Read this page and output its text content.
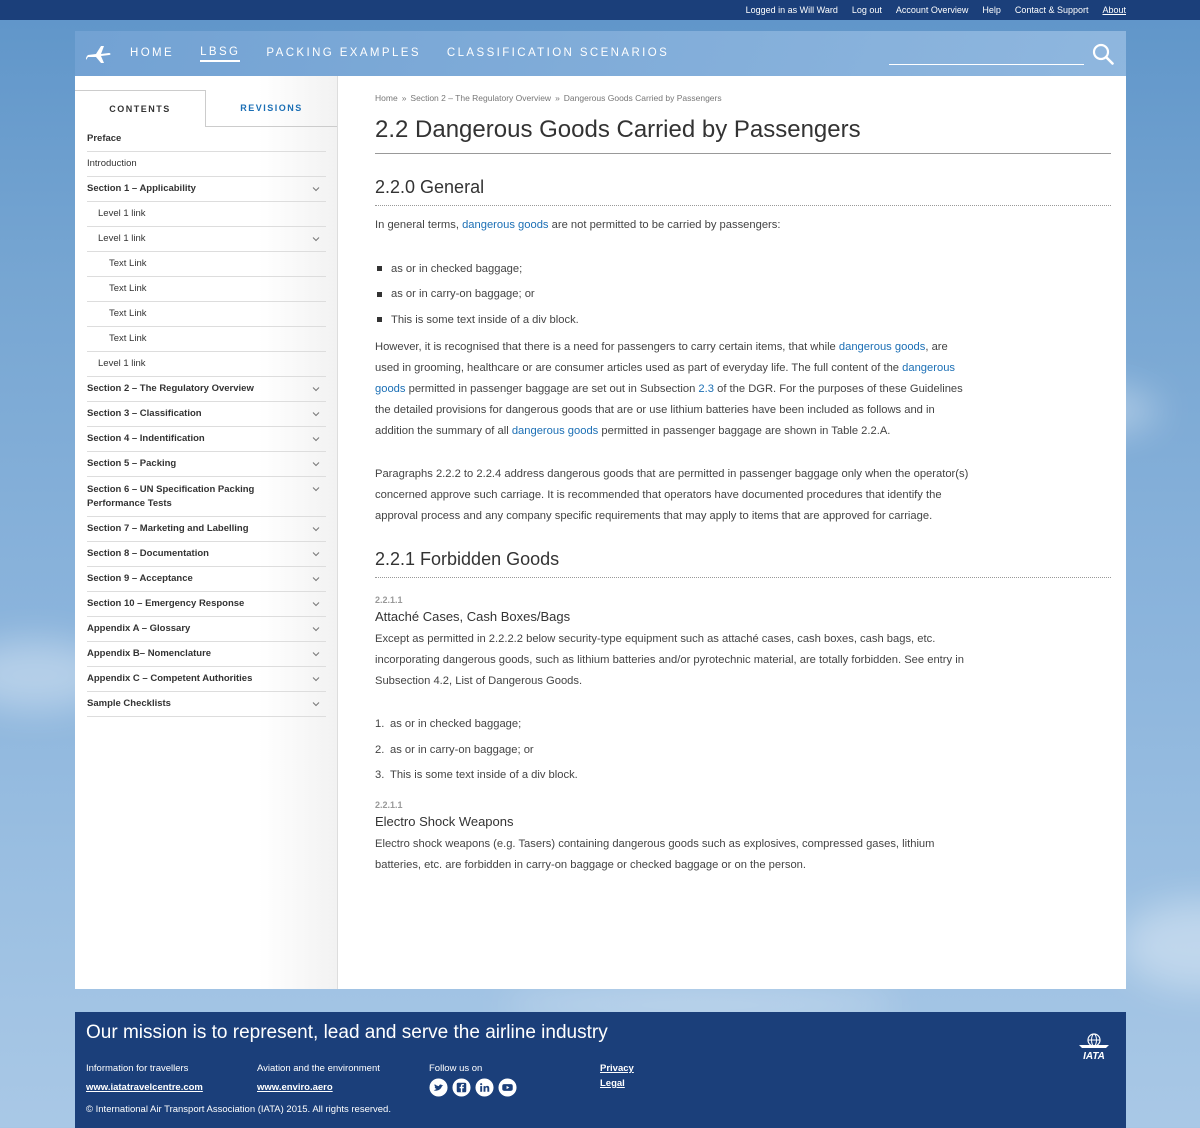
Logged in as Will Ward Log out Account Overview Help Contact & Support About
HOME LBSG PACKING EXAMPLES CLASSIFICATION SCENARIOS
CONTENTS	REVISIONS
Preface
Introduction
Section 1 – Applicability
Level 1 link
Level 1 link
Text Link
Text Link
Text Link
Text Link
Level 1 link
Section 2 – The Regulatory Overview
Section 3 – Classification
Section 4 – Indentification
Section 5 – Packing
Section 6 – UN Specification Packing Performance Tests
Section 7 – Marketing and Labelling
Section 8 – Documentation
Section 9 – Acceptance
Section 10 – Emergency Response
Appendix A – Glossary
Appendix B– Nomenclature
Appendix C – Competent Authorities
Sample Checklists
Home » Section 2 – The Regulatory Overview » Dangerous Goods Carried by Passengers
2.2 Dangerous Goods Carried by Passengers
2.2.0 General

In general terms, dangerous goods are not permitted to be carried by passengers:

as or in checked baggage;
as or in carry-on baggage; or
This is some text inside of a div block.

However, it is recognised that there is a need for passengers to carry certain items, that while dangerous goods, are used in grooming, healthcare or are consumer articles used as part of everyday life. The full content of the dangerous goods permitted in passenger baggage are set out in Subsection 2.3 of the DGR. For the purposes of these Guidelines the detailed provisions for dangerous goods that are or use lithium batteries have been included as follows and in addition the summary of all dangerous goods permitted in passenger baggage are shown in Table 2.2.A.

Paragraphs 2.2.2 to 2.2.4 address dangerous goods that are permitted in passenger baggage only when the operator(s) concerned approve such carriage. It is recommended that operators have documented procedures that identify the approval process and any company specific requirements that may apply to items that are approved for carriage.

2.2.1 Forbidden Goods
2.2.1.1
Attaché Cases, Cash Boxes/Bags

Except as permitted in 2.2.2.2 below security-type equipment such as attaché cases, cash boxes, cash bags, etc. incorporating dangerous goods, such as lithium batteries and/or pyrotechnic material, are totally forbidden. See entry in Subsection 4.2, List of Dangerous Goods.

1. as or in checked baggage;
2. as or in carry-on baggage; or
3. This is some text inside of a div block.
2.2.1.1
Electro Shock Weapons

Electro shock weapons (e.g. Tasers) containing dangerous goods such as explosives, compressed gases, lithium batteries, etc. are forbidden in carry-on baggage or checked baggage or on the person.

Our mission is to represent, lead and serve the airline industry
Information for travellers
www.iatatravelcentre.com
Aviation and the environment
www.enviro.aero
Follow us on	Privacy
Legal
© International Air Transport Association (IATA) 2015. All rights reserved.
IATA
